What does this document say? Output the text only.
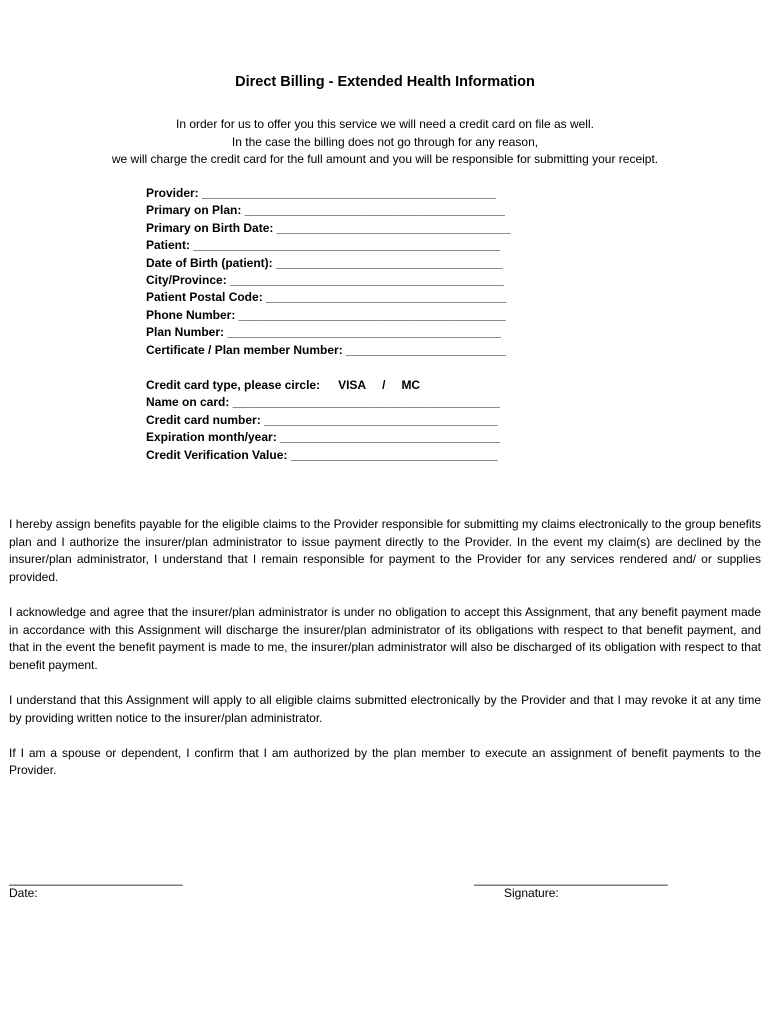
Direct Billing - Extended Health Information
In order for us to offer you this service we will need a credit card on file as well.
In the case the billing does not go through for any reason,
we will charge the credit card for the full amount and you will be responsible for submitting your receipt.
Provider: ____________________________________________
Primary on Plan: _______________________________________
Primary on Birth Date: ___________________________________
Patient: ______________________________________________
Date of Birth (patient): __________________________________
City/Province: _________________________________________
Patient Postal Code: ____________________________________
Phone Number: ________________________________________
Plan Number: _________________________________________
Certificate / Plan member Number: ________________________
Credit card type, please circle: VISA / MC
Name on card: ________________________________________
Credit card number: ___________________________________
Expiration month/year: _________________________________
Credit Verification Value: _______________________________

I hereby assign benefits payable for the eligible claims to the Provider responsible for submitting my claims electronically to the group benefits plan and I authorize the insurer/plan administrator to issue payment directly to the Provider. In the event my claim(s) are declined by the insurer/plan administrator, I understand that I remain responsible for payment to the Provider for any services rendered and/ or supplies provided.

I acknowledge and agree that the insurer/plan administrator is under no obligation to accept this Assignment, that any benefit payment made in accordance with this Assignment will discharge the insurer/plan administrator of its obligations with respect to that benefit payment, and that in the event the benefit payment is made to me, the insurer/plan administrator will also be discharged of its obligation with respect to that benefit payment.

I understand that this Assignment will apply to all eligible claims submitted electronically by the Provider and that I may revoke it at any time by providing written notice to the insurer/plan administrator.

If I am a spouse or dependent, I confirm that I am authorized by the plan member to execute an assignment of benefit payments to the Provider.

__________________________
Date:
_____________________________
Signature:
